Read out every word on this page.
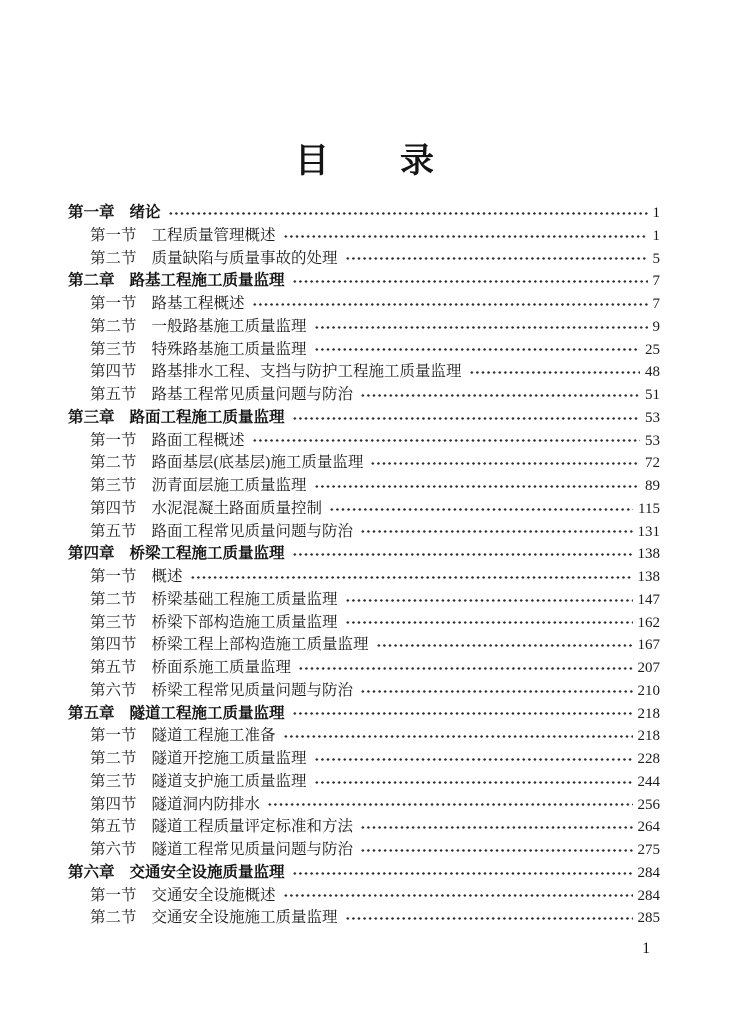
目　　录
第一章 绪论	1
第一节 工程质量管理概述	1
第二节 质量缺陷与质量事故的处理	5
第二章 路基工程施工质量监理	7
第一节 路基工程概述	7
第二节 一般路基施工质量监理	9
第三节 特殊路基施工质量监理	25
第四节 路基排水工程、支挡与防护工程施工质量监理	48
第五节 路基工程常见质量问题与防治	51
第三章 路面工程施工质量监理	53
第一节 路面工程概述	53
第二节 路面基层(底基层)施工质量监理	72
第三节 沥青面层施工质量监理	89
第四节 水泥混凝土路面质量控制	115
第五节 路面工程常见质量问题与防治	131
第四章 桥梁工程施工质量监理	138
第一节 概述	138
第二节 桥梁基础工程施工质量监理	147
第三节 桥梁下部构造施工质量监理	162
第四节 桥梁工程上部构造施工质量监理	167
第五节 桥面系施工质量监理	207
第六节 桥梁工程常见质量问题与防治	210
第五章 隧道工程施工质量监理	218
第一节 隧道工程施工准备	218
第二节 隧道开挖施工质量监理	228
第三节 隧道支护施工质量监理	244
第四节 隧道洞内防排水	256
第五节 隧道工程质量评定标准和方法	264
第六节 隧道工程常见质量问题与防治	275
第六章 交通安全设施质量监理	284
第一节 交通安全设施概述	284
第二节 交通安全设施施工质量监理	285
1
